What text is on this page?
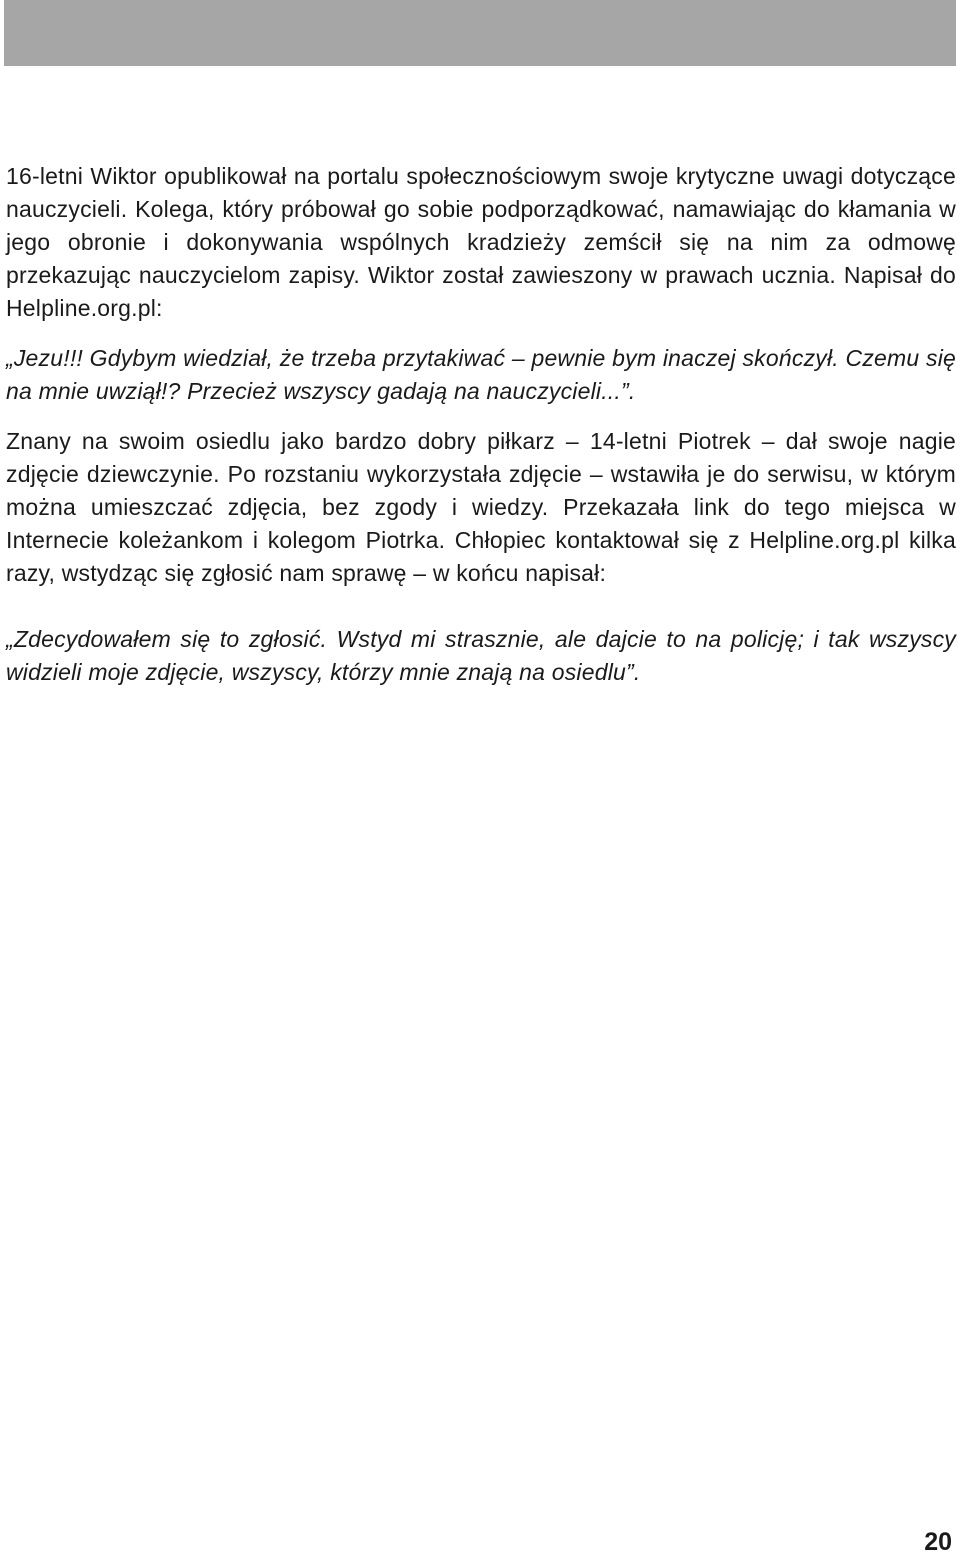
16-letni Wiktor opublikował na portalu społecznościowym swoje krytyczne uwagi dotyczące nauczycieli. Kolega, który próbował go sobie podporządkować, namawiając do kłamania w jego obronie i dokonywania wspólnych kradzieży zemścił się na nim za odmowę przekazując nauczycielom zapisy. Wiktor został zawieszony w prawach ucznia. Napisał do Helpline.org.pl:

„Jezu!!! Gdybym wiedział, że trzeba przytakiwać – pewnie bym inaczej skończył. Czemu się na mnie uwziął!? Przecież wszyscy gadają na nauczycieli...”.

Znany na swoim osiedlu jako bardzo dobry piłkarz – 14-letni Piotrek – dał swoje nagie zdjęcie dziewczynie. Po rozstaniu wykorzystała zdjęcie – wstawiła je do serwisu, w którym można umieszczać zdjęcia, bez zgody i wiedzy. Przekazała link do tego miejsca w Internecie koleżankom i kolegom Piotrka. Chłopiec kontaktował się z Helpline.org.pl kilka razy, wstydząc się zgłosić nam sprawę – w końcu napisał:

„Zdecydowałem się to zgłosić. Wstyd mi strasznie, ale dajcie to na policję; i tak wszyscy widzieli moje zdjęcie, wszyscy, którzy mnie znają na osiedlu”.

20
